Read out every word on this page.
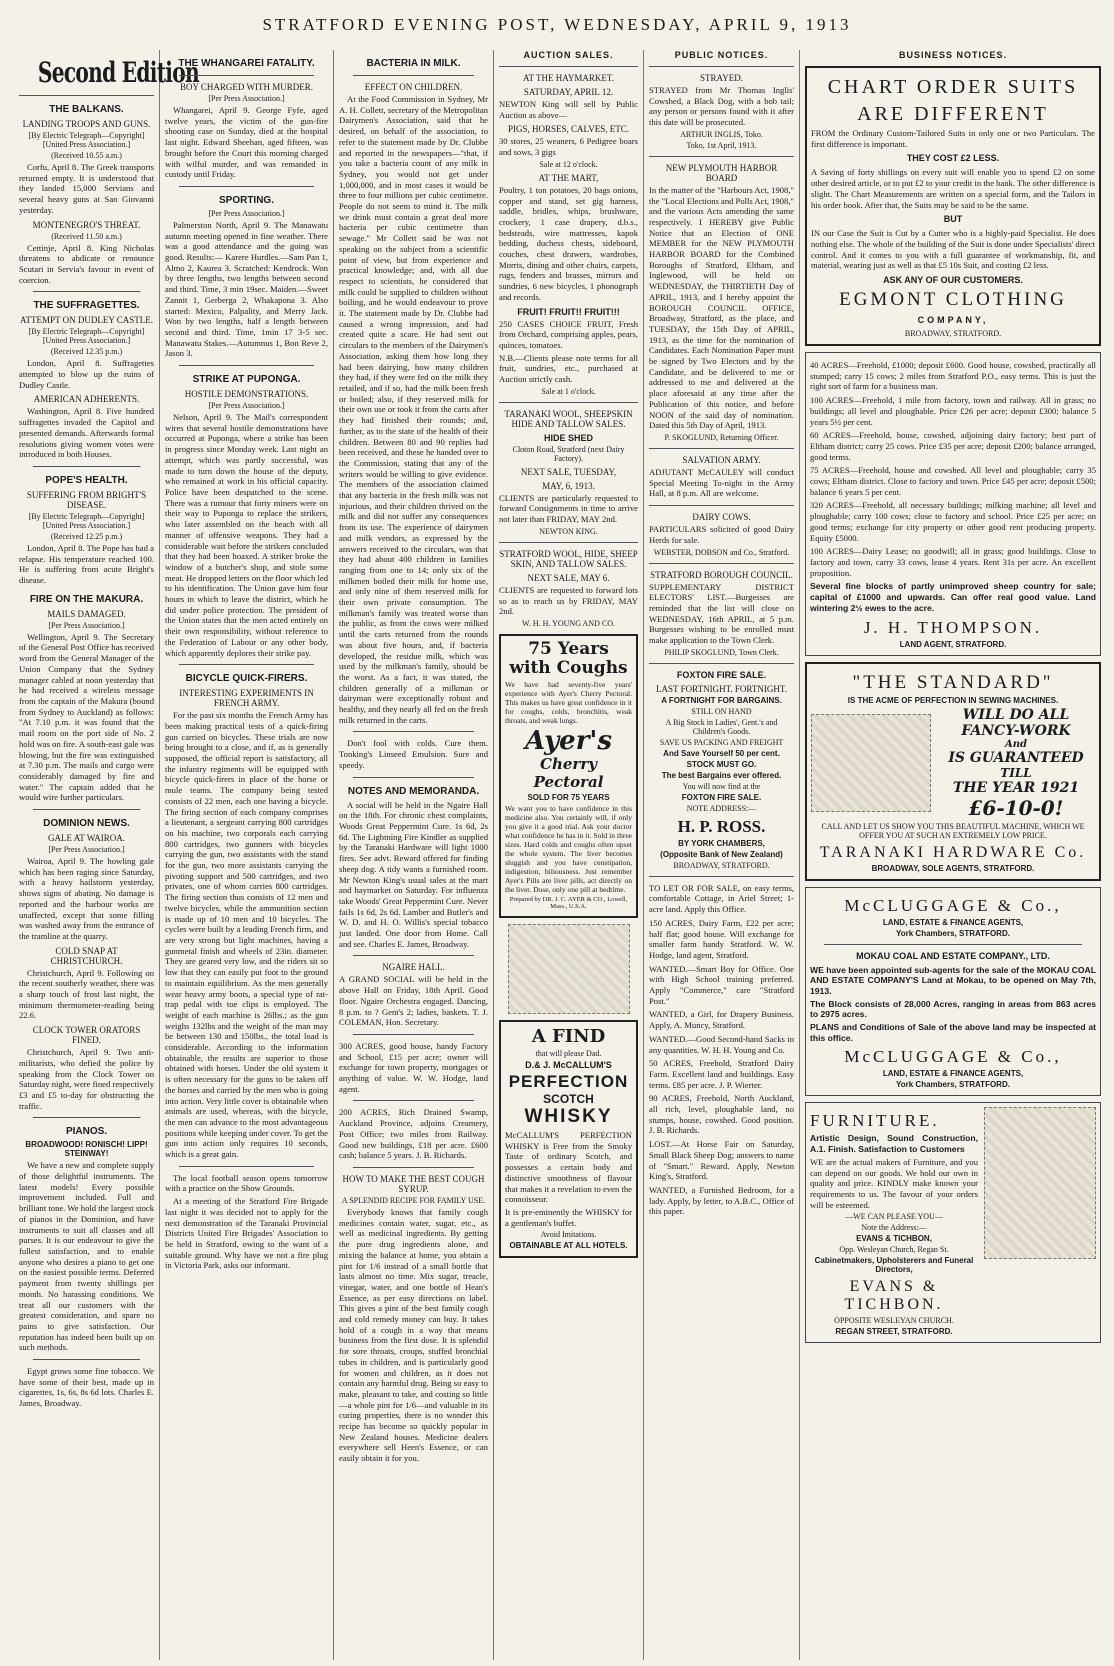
STRATFORD EVENING POST, WEDNESDAY, APRIL 9, 1913
Second Edition
THE BALKANS.
LANDING TROOPS AND GUNS.
[By Electric Telegraph—Copyright] [United Press Association.]
(Received 10.55 a.m.)

Corfu, April 8. The Greek transports returned empty. It is understood that they landed 15,000 Servians and several heavy guns at San Giovanni yesterday.

MONTENEGRO'S THREAT.
(Received 11.50 a.m.)

Cettinje, April 8. King Nicholas threatens to abdicate or renounce Scutari in Servia's favour in event of coercion.

THE SUFFRAGETTES.
ATTEMPT ON DUDLEY CASTLE.
[By Electric Telegraph—Copyright] [United Press Association.]
(Received 12.35 p.m.)

London, April 8. Suffragettes attempted to blow up the ruins of Dudley Castle.

AMERICAN ADHERENTS.

Washington, April 8. Five hundred suffragettes invaded the Capitol and presented demands. Afterwards formal resolutions giving women votes were introduced in both Houses.

POPE'S HEALTH.
SUFFERING FROM BRIGHT'S DISEASE.
[By Electric Telegraph—Copyright] [United Press Association.]
(Received 12.25 p.m.)

London, April 8. The Pope has had a relapse. His temperature reached 100. He is suffering from acute Bright's disease.

FIRE ON THE MAKURA.
MAILS DAMAGED.
[Per Press Association.]

Wellington, April 9. The Secretary of the General Post Office has received word from the General Manager of the Union Company that the Sydney manager cabled at noon yesterday that he had received a wireless message from the captain of the Makura (bound from Sydney to Auckland) as follows: "At 7.10 p.m. it was found that the mail room on the port side of No. 2 hold was on fire. A south-east gale was blowing, but the fire was extinguished at 7.30 p.m. The mails and cargo were considerably damaged by fire and water." The captain added that he would wire further particulars.

DOMINION NEWS.
GALE AT WAIROA.
[Per Press Association.]

Wairoa, April 9. The howling gale which has been raging since Saturday, with a heavy hailstorm yesterday, shows signs of abating. No damage is reported and the harbour works are unaffected, except that some filling was washed away from the entrance of the tramline at the quarry.

COLD SNAP AT CHRISTCHURCH.

Christchurch, April 9. Following on the recent southerly weather, there was a sharp touch of frost last night, the minimum thermometer-reading being 22.6.

CLOCK TOWER ORATORS FINED.

Christchurch, April 9. Two anti-militarists, who defied the police by speaking from the Clock Tower on Saturday night, were fined respectively £3 and £5 to-day for obstructing the traffic.

PIANOS.
BROADWOOD! RONISCH! LIPP! STEINWAY!

We have a new and complete supply of those delightful instruments. The latest models! Every possible improvement included. Full and brilliant tone. We hold the largest stock of pianos in the Dominion, and have instruments to suit all classes and all purses. It is our endeavour to give the fullest satisfaction, and to enable anyone who desires a piano to get one on the easiest possible terms. Deferred payment from twenty shillings per month. No harassing conditions. We treat all our customers with the greatest consideration, and spare no pains to give satisfaction. Our reputation has indeed been built up on such methods.

Egypt grows some fine tobacco. We have some of their best, made up in cigarettes, 1s, 6s, 8s 6d lots. Charles E. James, Broadway.

THE WHANGAREI FATALITY.
BOY CHARGED WITH MURDER.
[Per Press Association.]

Whangarei, April 9. George Fyfe, aged twelve years, the victim of the gun-fire shooting case on Sunday, died at the hospital last night. Edward Sheehan, aged fifteen, was brought before the Court this morning charged with wilful murder, and was remanded in custody until Friday.

SPORTING.
[Per Press Association.]

Palmerston North, April 9. The Manawatu autumn meeting opened in fine weather. There was a good attendance and the going was good. Results:— Karere Hurdles.—Sam Pan 1, Almo 2, Kaurea 3. Scratched: Kendrock. Won by three lengths, two lengths between second and third. Time, 3 min 19sec. Maiden.—Sweet Zannit 1, Gerberga 2, Whakapona 3. Also started: Mexico, Palpality, and Merry Jack. Won by two lengths, half a length between second and third. Time, 1min 17 3-5 sec. Manawatu Stakes.—Autumnus 1, Bon Reve 2, Jason 3.

STRIKE AT PUPONGA.
HOSTILE DEMONSTRATIONS.
[Per Press Association.]

Nelson, April 9. The Mail's correspondent wires that several hostile demonstrations have occurred at Puponga, where a strike has been in progress since Monday week. Last night an attempt, which was partly successful, was made to turn down the house of the deputy, who remained at work in his official capacity. Police have been despatched to the scene. There was a rumour that forty miners were on their way to Puponga to replace the strikers, who later assembled on the beach with all manner of offensive weapons. They had a considerable wait before the strikers concluded that they had been hoaxed. A striker broke the window of a butcher's shop, and stole some meat. He dropped letters on the floor which led to his identification. The Union gave him four hours in which to leave the district, which he did under police protection. The president of the Union states that the men acted entirely on their own responsibility, without reference to the Federation of Labour or any other body, which apparently deplores their strike pay.

BICYCLE QUICK-FIRERS.
INTERESTING EXPERIMENTS IN FRENCH ARMY.

For the past six months the French Army has been making practical tests of a quick-firing gun carried on bicycles. These trials are now being brought to a close, and if, as is generally supposed, the official report is satisfactory, all the infantry regiments will be equipped with bicycle quick-firers in place of the horse or mule teams. The company being tested consists of 22 men, each one having a bicycle. The firing section of each company comprises a lieutenant, a sergeant carrying 800 cartridges on his machine, two corporals each carrying 800 cartridges, two gunners with bicycles carrying the gun, two assistants with the stand for the gun, two more assistants carrying the pivoting support and 500 cartridges, and two privates, one of whom carries 800 cartridges. The firing section thus consists of 12 men and twelve bicycles, while the ammunition section is made up of 10 men and 10 bicycles. The cycles were built by a leading French firm, and are very strong but light machines, having a gunmetal finish and wheels of 23in. diameter. They are geared very low, and the riders sit so low that they can easily put foot to the ground to maintain equilibrium. As the men generally wear heavy army boots, a special type of rat-trap pedal with toe clips is employed. The weight of each machine is 26lbs.; as the gun weighs 132lbs and the weight of the man may be between 130 and 150lbs., the total load is considerable. According to the information obtainable, the results are superior to those obtained with horses. Under the old system it is often necessary for the guns to be taken off the horses and carried by the men who is going into action. Very little cover is obtainable when animals are used, whereas, with the bicycle, the men can advance to the most advantageous positions while keeping under cover. To get the gun into action only requires 10 seconds, which is a great gain.

The local football season opens tomorrow with a practice on the Show Grounds.

At a meeting of the Stratford Fire Brigade last night it was decided not to apply for the next demonstration of the Taranaki Provincial Districts United Fire Brigades' Association to be held in Stratford, owing to the want of a suitable ground. Why have we not a fire plug in Victoria Park, asks our informant.

BACTERIA IN MILK.
EFFECT ON CHILDREN.

At the Food Commission in Sydney, Mr A. H. Collett, secretary of the Metropolitan Dairymen's Association, said that he desired, on behalf of the association, to refer to the statement made by Dr. Clubbe and reported in the newspapers—"that, if you take a bacteria count of any milk in Sydney, you would not get under 1,000,000, and in most cases it would be three to four millions per cubic centimetre. People do not seem to mind it. The milk we drink must contain a great deal more bacteria per cubic centimetre than sewage." Mr Collett said he was not speaking on the subject from a scientific point of view, but from experience and practical knowledge; and, with all due respect to scientists, he considered that milk could be supplied to children without boiling, and he would endeavour to prove it. The statement made by Dr. Clubbe had caused a wrong impression, and had created quite a scare. He had sent out circulars to the members of the Dairymen's Association, asking them how long they had been dairying, how many children they had, if they were fed on the milk they retailed, and if so, had the milk been fresh or boiled; also, if they reserved milk for their own use or took it from the carts after they had finished their rounds; and, further, as to the state of the health of their children. Between 80 and 90 replies had been received, and these he handed over to the Commission, stating that any of the writers would be willing to give evidence. The members of the association claimed that any bacteria in the fresh milk was not injurious, and their children thrived on the milk and did not suffer any consequences from its use. The experience of dairymen and milk vendors, as expressed by the answers received to the circulars, was that they had about 400 children in families ranging from one to 14; only six of the milkmen boiled their milk for home use, and only nine of them reserved milk for their own private consumption. The milkman's family was treated worse than the public, as from the cows were milked until the carts returned from the rounds was about five hours, and, if bacteria developed, the residue milk, which was used by the milkman's family, should be the worst. As a fact, it was stated, the children generally of a milkman or dairyman were exceptionally robust and healthy, and they nearly all fed on the fresh milk returned in the carts.

Don't fool with colds. Cure them. Tonking's Linseed Emulsion. Sure and speedy.

NOTES AND MEMORANDA.

A social will be held in the Ngaire Hall on the 18th. For chronic chest complaints, Woods Great Peppermint Cure. 1s 6d, 2s 6d. The Lightning Fire Kindler as supplied by the Taranaki Hardware will light 1000 fires. See advt. Reward offered for finding sheep dog. A tidy wants a furnished room. Mr Newton King's usual sales at the mart and haymarket on Saturday. For influenza take Woods' Great Peppermint Cure. Never fails 1s 6d, 2s 6d. Lamber and Butler's and W. D. and H. O. Willis's special tobacco just landed. One door from Home. Call and see. Charles E. James, Broadway.

NGAIRE HALL.

A GRAND SOCIAL will be held in the above Hall on Friday, 18th April. Good floor. Ngaire Orchestra engaged. Dancing, 8 p.m. to ? Gent's 2; ladies, baskets. T. J. COLEMAN, Hon. Secretary.

300 ACRES, good house, handy Factory and School, £15 per acre; owner will exchange for town property, mortgages or anything of value. W. W. Hodge, land agent.

200 ACRES, Rich Drained Swamp, Auckland Province, adjoins Creamery, Post Office; two miles from Railway. Good new buildings, £18 per acre. £600 cash; balance 5 years. J. B. Richards.

HOW TO MAKE THE BEST COUGH SYRUP.
A SPLENDID RECIPE FOR FAMILY USE.

Everybody knows that family cough medicines contain water, sugar, etc., as well as medicinal ingredients. By getting the pure drug ingredients alone, and mixing the balance at home, you obtain a pint for 1/6 instead of a small bottle that lasts almost no time. Mix sugar, treacle, vinegar, water, and one bottle of Hean's Essence, as per easy directions on label. This gives a pint of the best family cough and cold remedy money can buy. It takes hold of a cough in a way that means business from the first dose. It is splendid for sore throats, croups, stuffed bronchial tubes in children, and is particularly good for women and children, as it does not contain any harmful drug. Being so easy to make, pleasant to take, and costing so little—a whole pint for 1/6—and valuable in its curing properties, there is no wonder this recipe has become so quickly popular in New Zealand houses. Medicine dealers everywhere sell Heen's Essence, or can easily obtain it for you.

AUCTION SALES.
AT THE HAYMARKET.
SATURDAY, APRIL 12.

NEWTON King will sell by Public Auction as above—

PIGS, HORSES, CALVES, ETC.

30 stores, 25 weaners, 6 Pedigree boars and sows, 3 gigs

Sale at 12 o'clock.
AT THE MART,

Poultry, 1 ton potatoes, 20 bags onions, copper and stand, set gig harness, saddle, bridles, whips, brushware, crockery, 1 case drapery, d.b.s., bedsteads, wire mattresses, kapok bedding, duchess chests, sideboard, couches, chest drawers, wardrobes, Morris, dining and other chairs, carpets, rugs, fenders and brasses, mirrors and sundries, 6 new bicycles, 1 phonograph and records.

FRUIT! FRUIT!! FRUIT!!!

250 CASES CHOICE FRUIT, Fresh from Orchard, comprising apples, pears, quinces, tomatoes.

N.B.—Clients please note terms for all fruit, sundries, etc., purchased at Auction strictly cash.

Sale at 1 o'clock.
TARANAKI WOOL, SHEEPSKIN HIDE AND TALLOW SALES.
HIDE SHED
Cloton Road, Stratford (next Dairy Factory).
NEXT SALE, TUESDAY,
MAY, 6, 1913.

CLIENTS are particularly requested to forward Consignments in time to arrive not later than FRIDAY, MAY 2nd.

NEWTON KING.
STRATFORD WOOL, HIDE, SHEEP SKIN, AND TALLOW SALES.
NEXT SALE, MAY 6.

CLIENTS are requested to forward lots so as to reach us by FRIDAY, MAY 2nd.

W. H. H. YOUNG AND CO.
75 Years with Coughs

We have had seventy-five years' experience with Ayer's Cherry Pectoral. This makes us have great confidence in it for coughs, colds, bronchitis, weak throats, and weak lungs.

Ayer's
Cherry Pectoral
SOLD FOR 75 YEARS

We want you to have confidence in this medicine also. You certainly will, if only you give it a good trial. Ask your doctor what confidence he has in it. Sold in three sizes. Hard colds and coughs often upset the whole system. The liver becomes sluggish and you have constipation, indigestion, biliousness. Just remember Ayer's Pills are liver pills, act directly on the liver. Dose, only one pill at bedtime.

Prepared by DR. J. C. AYER & CO., Lowell, Mass., U.S.A.
A FIND
that will please Dad.
D.& J. McCALLUM'S
PERFECTION
SCOTCH
WHISKY

McCALLUM'S PERFECTION WHISKY is Free from the Smoky Taste of ordinary Scotch, and possesses a certain body and distinctive smoothness of flavour that makes it a revelation to even the connoisseur.

It is pre-eminently the WHISKY for a gentleman's buffet.

Avoid Imitations.
OBTAINABLE AT ALL HOTELS.
PUBLIC NOTICES.
STRAYED.

STRAYED from Mr Thomas Inglis' Cowshed, a Black Dog, with a bob tail; any person or persons found with it after this date will be prosecuted.

ARTHUR INGLIS, Toko.
Toko, 1st April, 1913.
NEW PLYMOUTH HARBOR BOARD

In the matter of the "Harbours Act, 1908," the "Local Elections and Polls Act, 1908," and the various Acts amending the same respectively. I HEREBY give Public Notice that an Election of ONE MEMBER for the NEW PLYMOUTH HARBOR BOARD for the Combined Boroughs of Stratford, Eltham, and Inglewood, will be held on WEDNESDAY, the THIRTIETH Day of APRIL, 1913, and I hereby appoint the BOROUGH COUNCIL OFFICE, Broadway, Stratford, as the place, and TUESDAY, the 15th Day of APRIL, 1913, as the time for the nomination of Candidates. Each Nomination Paper must be signed by Two Electors and by the Candidate, and be delivered to me or addressed to me and delivered at the place aforesaid at any time after the Publication of this notice, and before NOON of the said day of nomination. Dated this 5th Day of April, 1913.

P. SKOGLUND, Returning Officer.
SALVATION ARMY.

ADJUTANT McCAULEY will conduct Special Meeting To-night in the Army Hall, at 8 p.m. All are welcome.

DAIRY COWS.

PARTICULARS solicited of good Dairy Herds for sale.

WEBSTER, DOBSON and Co., Stratford.
STRATFORD BOROUGH COUNCIL.

SUPPLEMENTARY DISTRICT ELECTORS' LIST.—Burgesses are reminded that the list will close on WEDNESDAY, 16th APRIL, at 5 p.m. Burgesses wishing to be enrolled must make application to the Town Clerk.

PHILIP SKOGLUND, Town Clerk.
FOXTON FIRE SALE.
LAST FORTNIGHT. FORTNIGHT.
A FORTNIGHT FOR BARGAINS.
STILL ON HAND
A Big Stock in Ladies', Gent.'s and Children's Goods.
SAVE US PACKING AND FREIGHT
And Save Yourself 50 per cent.
STOCK MUST GO.
The best Bargains ever offered.
You will now find at the
FOXTON FIRE SALE.
NOTE ADDRESS:—
H. P. ROSS.
BY YORK CHAMBERS,
(Opposite Bank of New Zealand)
BROADWAY, STRATFORD.

TO LET OR FOR SALE, on easy terms, comfortable Cottage, in Ariel Street; 1-acre land. Apply this Office.

150 ACRES, Dairy Farm, £22 per acre; half flat; good house. Will exchange for smaller farm handy Stratford. W. W. Hodge, land agent, Stratford.

WANTED.—Smart Boy for Office. One with High School training preferred. Apply "Commerce," care "Stratford Post."

WANTED, a Girl, for Drapery Business. Apply, A. Muncy, Stratford.

WANTED.—Good Second-hand Sacks in any quantities. W. H. H. Young and Co.

50 ACRES, Freehold, Stratford Dairy Farm. Excellent land and buildings. Easy terms. £85 per acre. J. P. Wierter.

90 ACRES, Freehold, North Auckland, all rich, level, ploughable land, no stumps, house, cowshed. Good position. J. B. Richards.

LOST.—At Horse Fair on Saturday, Small Black Sheep Dog; answers to name of "Smart." Reward. Apply, Newton King's, Stratford.

WANTED, a Furnished Bedroom, for a lady. Apply, by letter, to A.B.C., Office of this paper.

BUSINESS NOTICES.
CHART ORDER SUITS
ARE DIFFERENT

FROM the Ordinary Custom-Tailored Suits in only one or two Particulars. The first difference is important.

THEY COST £2 LESS.

A Saving of forty shillings on every suit will enable you to spend £2 on some other desired article, or to put £2 to your credit in the bank. The other difference is slight. The Chart Measurements are written on a special form, and the Tailors in his order book. After that, the Suits may be said to be the same.

BUT

IN our Case the Suit is Cut by a Cutter who is a highly-paid Specialist. He does nothing else. The whole of the building of the Suit is done under Specialists' direct control. And it comes to you with a full guarantee of workmanship, fit, and material, wearing just as well as that £5 10s Suit, and costing £2 less.

ASK ANY OF OUR CUSTOMERS.
EGMONT CLOTHING
COMPANY,
BROADWAY, STRATFORD.

40 ACRES—Freehold, £1000; deposit £600. Good house, cowshed, practically all stumped; carry 15 cows; 2 miles from Stratford P.O., easy terms. This is just the right sort of farm for a business man.

100 ACRES—Freehold, 1 mile from factory, town and railway. All in grass; no buildings; all level and ploughable. Price £26 per acre; deposit £300; balance 5 years 5½ per cent.

60 ACRES—Freehold, house, cowshed, adjoining dairy factory; best part of Eltham district; carry 25 cows. Price £35 per acre; deposit £200; balance arranged, good terms.

75 ACRES—Freehold, house and cowshed. All level and ploughable; carry 35 cows; Eltham district. Close to factory and town. Price £45 per acre; deposit £500; balance 6 years 5 per cent.

320 ACRES—Freehold, all necessary buildings; milking machine; all level and ploughable; carry 100 cows; close to factory and school. Price £25 per acre; on good terms; exchange for city property or other good rent producing property. Equity £5000.

100 ACRES—Dairy Lease; no goodwill; all in grass; good buildings. Close to factory and town, carry 33 cows, lease 4 years. Rent 31s per acre. An excellent proposition.

Several fine blocks of partly unimproved sheep country for sale; capital of £1000 and upwards. Can offer real good value. Land wintering 2½ ewes to the acre.

J. H. THOMPSON.
LAND AGENT, STRATFORD.
"THE STANDARD"
IS THE ACME OF PERFECTION IN SEWING MACHINES.
WILL DO ALL
FANCY-WORK
And
IS GUARANTEED
TILL
THE YEAR 1921
£6-10-0!

CALL AND LET US SHOW YOU THIS BEAUTIFUL MACHINE, WHICH WE OFFER YOU AT SUCH AN EXTREMELY LOW PRICE.

TARANAKI HARDWARE Co.
BROADWAY, SOLE AGENTS, STRATFORD.
McCLUGGAGE & Co.,
LAND, ESTATE & FINANCE AGENTS,
York Chambers, STRATFORD.
MOKAU COAL AND ESTATE COMPANY., LTD.

WE have been appointed sub-agents for the sale of the MOKAU COAL AND ESTATE COMPANY'S Land at Mokau, to be opened on May 7th, 1913.

The Block consists of 28,000 Acres, ranging in areas from 863 acres to 2975 acres.

PLANS and Conditions of Sale of the above land may be inspected at this office.

McCLUGGAGE & Co.,
LAND, ESTATE & FINANCE AGENTS,
York Chambers, STRATFORD.
FURNITURE.

Artistic Design, Sound Construction, A.1. Finish. Satisfaction to Customers

WE are the actual makers of Furniture, and you can depend on our goods. We hold our own in quality and price. KINDLY make known your requirements to us. The favour of your orders will be esteemed.

—WE CAN PLEASE YOU—
Note the Address:—
EVANS & TICHBON,
Opp. Wesleyan Church, Regan St.
Cabinetmakers, Upholsterers and Funeral Directors,
EVANS & TICHBON.
OPPOSITE WESLEYAN CHURCH.
REGAN STREET, STRATFORD.
